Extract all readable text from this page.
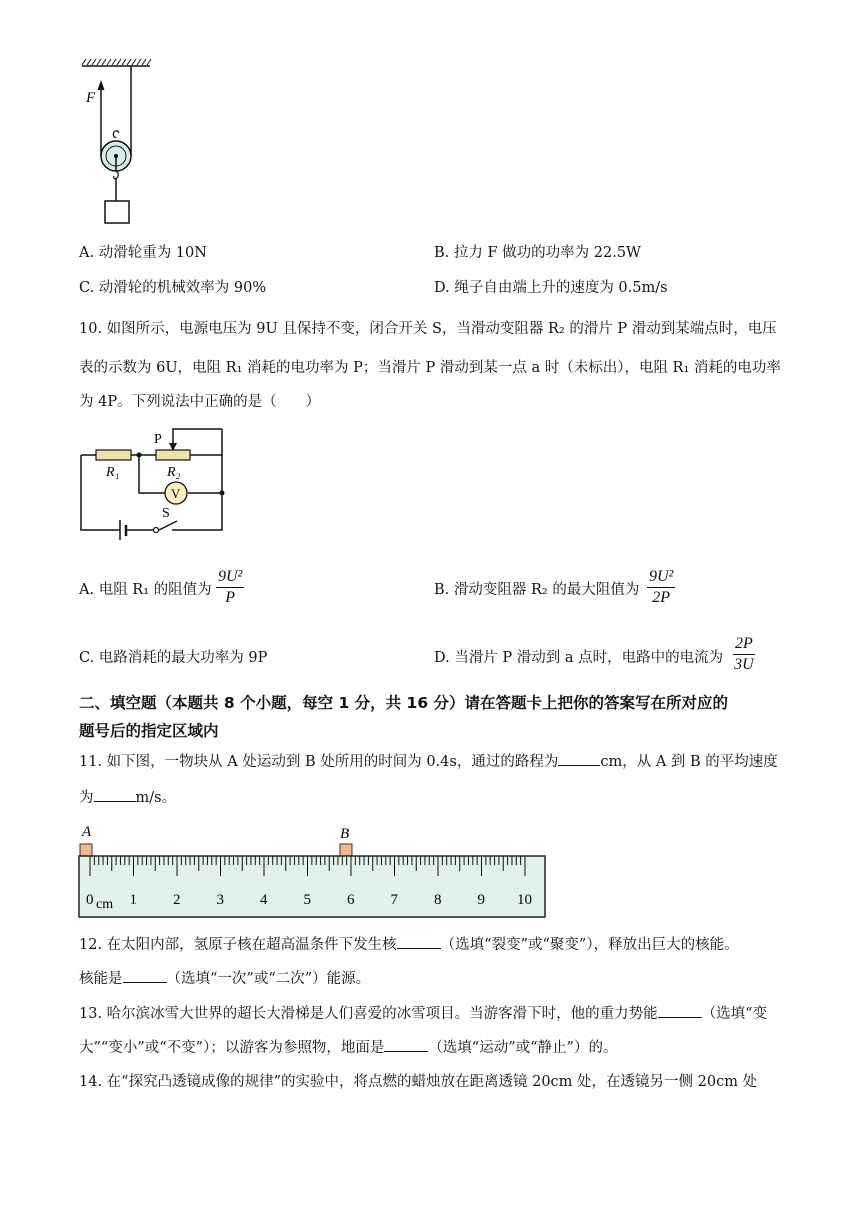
F
A. 动滑轮重为 10N	B. 拉力 F 做功的功率为 22.5W
C. 动滑轮的机械效率为 90%	D. 绳子自由端上升的速度为 0.5m/s
10. 如图所示，电源电压为 9U 且保持不变，闭合开关 S，当滑动变阻器 R₂ 的滑片 P 滑动到某端点时，电压
表的示数为 6U，电阻 R₁ 消耗的电功率为 P；当滑片 P 滑动到某一点 a 时（未标出），电阻 R₁ 消耗的电功率
为 4P。下列说法中正确的是（　　）
P
R₁	R₂
V
S
A. 电阻 R₁ 的阻值为 $\frac{\text{9U²}}{P}$	B. 滑动变阻器 R₂ 的最大阻值为 $\frac{\text{9U²}}{2P}$
C. 电路消耗的最大功率为 9P	D. 当滑片 P 滑动到 a 点时，电路中的电流为 $\frac{2P}{3U}$
二、填空题（本题共 8 个小题，每空 1 分，共 16 分）请在答题卡上把你的答案写在所对应的
题号后的指定区域内
11. 如下图，一物块从 A 处运动到 B 处所用的时间为 0.4s，通过的路程为	cm，从 A 到 B 的平均速度
为	m/s。
A	B
0 1 2 3 4 5 6 7 8 9 10
cm
12. 在太阳内部，氢原子核在超高温条件下发生核	（选填“裂变”或“聚变”），释放出巨大的核能。
核能是	（选填“一次”或“二次”）能源。
13. 哈尔滨冰雪大世界的超长大滑梯是人们喜爱的冰雪项目。当游客滑下时，他的重力势能	（选填“变
大”“变小”或“不变”）；以游客为参照物，地面是	（选填“运动”或“静止”）的。
14. 在“探究凸透镜成像的规律”的实验中，将点燃的蜡烛放在距离透镜 20cm 处，在透镜另一侧 20cm 处
